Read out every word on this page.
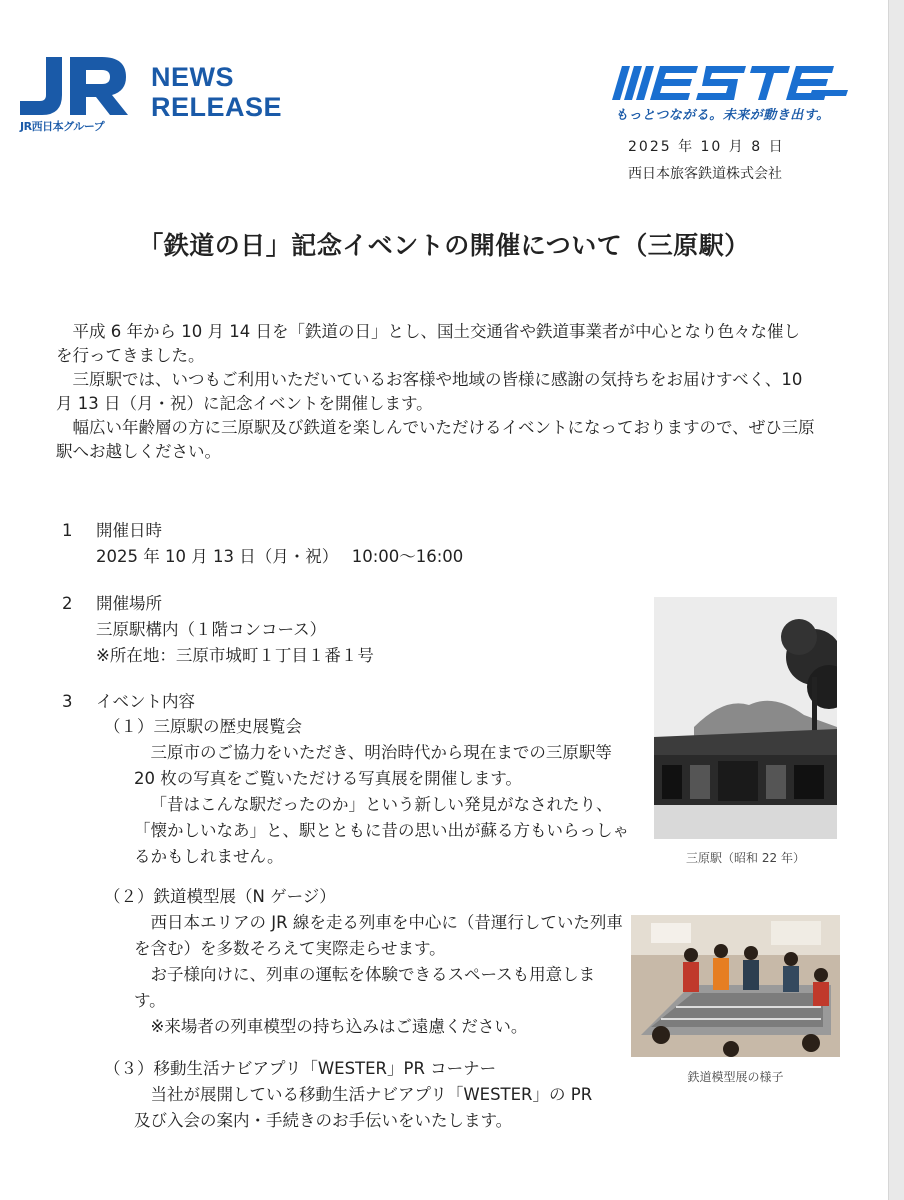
JR西日本グループ
NEWS
RELEASE	もっとつながる。未来が動き出す。
2025 年 10 月 8 日
西日本旅客鉄道株式会社
「鉄道の日」記念イベントの開催について（三原駅）

平成 6 年から 10 月 14 日を「鉄道の日」とし、国土交通省や鉄道事業者が中心となり色々な催しを行ってきました。

三原駅では、いつもご利用いただいているお客様や地域の皆様に感謝の気持ちをお届けすべく、10 月 13 日（月・祝）に記念イベントを開催します。

幅広い年齢層の方に三原駅及び鉄道を楽しんでいただけるイベントになっておりますので、ぜひ三原駅へお越しください。

1 開催日時
2025 年 10 月 13 日（月・祝）　 10:00～16:00
2 開催場所
三原駅構内（１階コンコース）
※所在地：三原市城町１丁目１番１号
3 イベント内容
（１）三原駅の歴史展覧会
三原市のご協力をいただき、明治時代から現在までの三原駅等 20 枚の写真をご覧いただける写真展を開催します。
「昔はこんな駅だったのか」という新しい発見がなされたり、「懐かしいなあ」と、駅とともに昔の思い出が蘇る方もいらっしゃるかもしれません。
（２）鉄道模型展（N ゲージ）
西日本エリアの JR 線を走る列車を中心に（昔運行していた列車を含む）を多数そろえて実際走らせます。
お子様向けに、列車の運転を体験できるスペースも用意します。
※来場者の列車模型の持ち込みはご遠慮ください。
（３）移動生活ナビアプリ「WESTER」PR コーナー
当社が展開している移動生活ナビアプリ「WESTER」の PR 及び入会の案内・手続きのお手伝いをいたします。
三原駅（昭和 22 年）
鉄道模型展の様子
